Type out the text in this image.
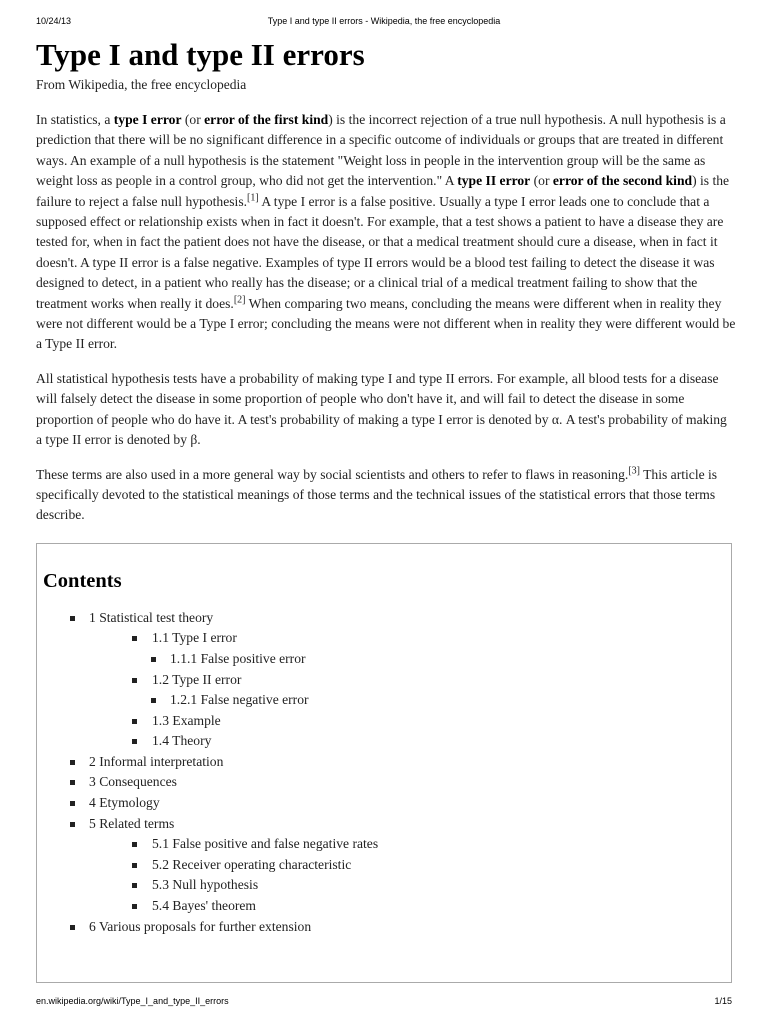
10/24/13	Type I and type II errors - Wikipedia, the free encyclopedia
Type I and type II errors
From Wikipedia, the free encyclopedia

In statistics, a type I error (or error of the first kind) is the incorrect rejection of a true null hypothesis. A null hypothesis is a prediction that there will be no significant difference in a specific outcome of individuals or groups that are treated in different ways. An example of a null hypothesis is the statement "Weight loss in people in the intervention group will be the same as weight loss as people in a control group, who did not get the intervention." A type II error (or error of the second kind) is the failure to reject a false null hypothesis.[1] A type I error is a false positive. Usually a type I error leads one to conclude that a supposed effect or relationship exists when in fact it doesn't. For example, that a test shows a patient to have a disease they are tested for, when in fact the patient does not have the disease, or that a medical treatment should cure a disease, when in fact it doesn't. A type II error is a false negative. Examples of type II errors would be a blood test failing to detect the disease it was designed to detect, in a patient who really has the disease; or a clinical trial of a medical treatment failing to show that the treatment works when really it does.[2] When comparing two means, concluding the means were different when in reality they were not different would be a Type I error; concluding the means were not different when in reality they were different would be a Type II error.

All statistical hypothesis tests have a probability of making type I and type II errors. For example, all blood tests for a disease will falsely detect the disease in some proportion of people who don't have it, and will fail to detect the disease in some proportion of people who do have it. A test's probability of making a type I error is denoted by α. A test's probability of making a type II error is denoted by β.

These terms are also used in a more general way by social scientists and others to refer to flaws in reasoning.[3] This article is specifically devoted to the statistical meanings of those terms and the technical issues of the statistical errors that those terms describe.

Contents
1 Statistical test theory
1.1 Type I error
1.1.1 False positive error
1.2 Type II error
1.2.1 False negative error
1.3 Example
1.4 Theory
2 Informal interpretation
3 Consequences
4 Etymology
5 Related terms
5.1 False positive and false negative rates
5.2 Receiver operating characteristic
5.3 Null hypothesis
5.4 Bayes' theorem
6 Various proposals for further extension
en.wikipedia.org/wiki/Type_I_and_type_II_errors	1/15
